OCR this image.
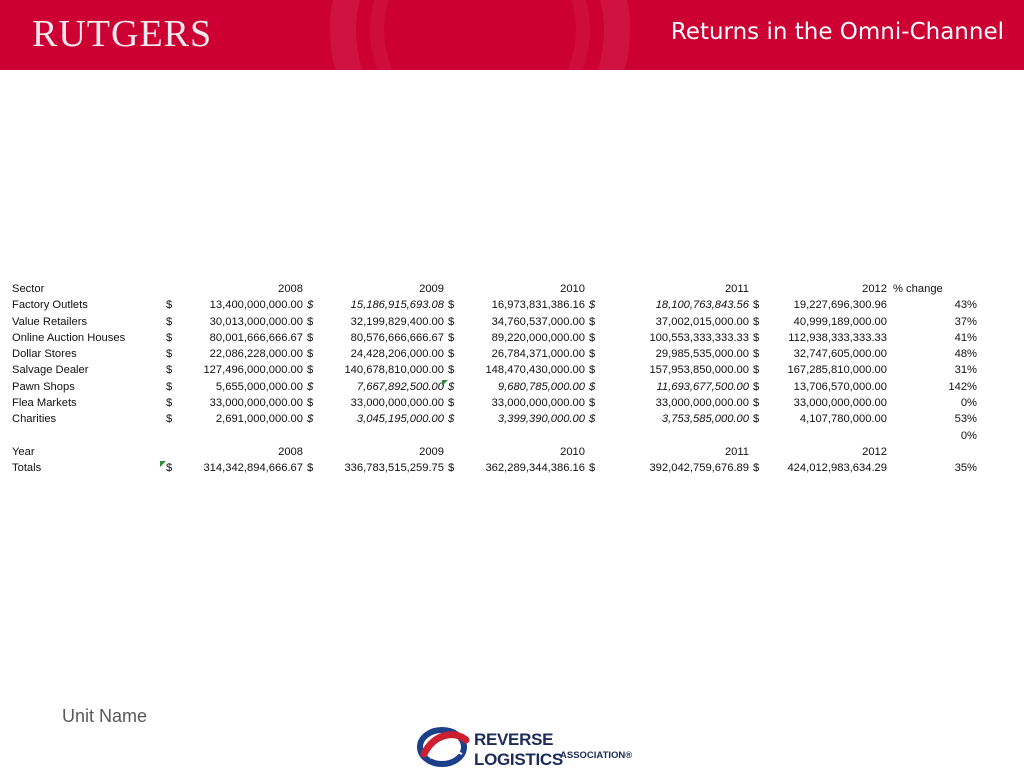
RUTGERS	Returns in the Omni-Channel
Sector		2008		2009		2010		2011		2012	% change
Factory Outlets	$	13,400,000,000.00	$	15,186,915,693.08	$	16,973,831,386.16	$	18,100,763,843.56	$	19,227,696,300.96	43%
Value Retailers	$	30,013,000,000.00	$	32,199,829,400.00	$	34,760,537,000.00	$	37,002,015,000.00	$	40,999,189,000.00	37%
Online Auction Houses	$	80,001,666,666.67	$	80,576,666,666.67	$	89,220,000,000.00	$	100,553,333,333.33	$	112,938,333,333.33	41%
Dollar Stores	$	22,086,228,000.00	$	24,428,206,000.00	$	26,784,371,000.00	$	29,985,535,000.00	$	32,747,605,000.00	48%
Salvage Dealer	$	127,496,000,000.00	$	140,678,810,000.00	$	148,470,430,000.00	$	157,953,850,000.00	$	167,285,810,000.00	31%
Pawn Shops	$	5,655,000,000.00	$	7,667,892,500.00	$	9,680,785,000.00	$	11,693,677,500.00	$	13,706,570,000.00	142%
Flea Markets	$	33,000,000,000.00	$	33,000,000,000.00	$	33,000,000,000.00	$	33,000,000,000.00	$	33,000,000,000.00	0%
Charities	$	2,691,000,000.00	$	3,045,195,000.00	$	3,399,390,000.00	$	3,753,585,000.00	$	4,107,780,000.00	53%
											0%
Year		2008		2009		2010		2011		2012	
Totals	$	314,342,894,666.67	$	336,783,515,259.75	$	362,289,344,386.16	$	392,042,759,676.89	$	424,012,983,634.29	35%
Unit Name
REVERSE LOGISTICS
ASSOCIATION®
